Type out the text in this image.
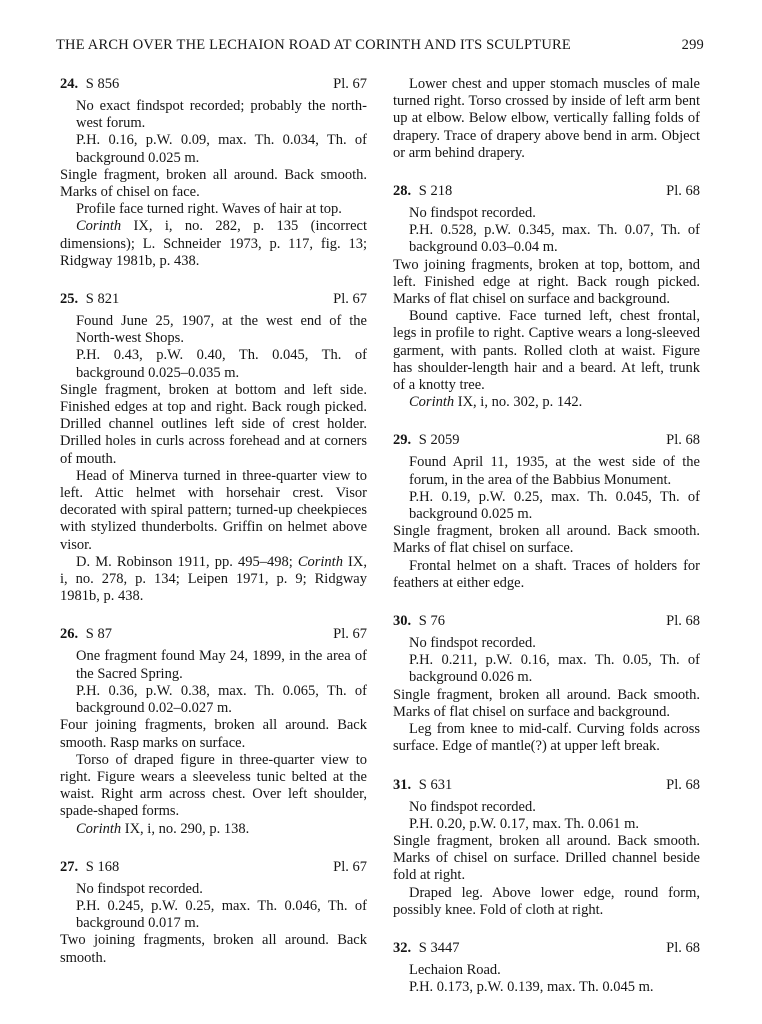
THE ARCH OVER THE LECHAION ROAD AT CORINTH AND ITS SCULPTURE	299
24. S 856	Pl. 67

No exact findspot recorded; probably the north-west forum.

P.H. 0.16, p.W. 0.09, max. Th. 0.034, Th. of background 0.025 m.

Single fragment, broken all around. Back smooth. Marks of chisel on face.

Profile face turned right. Waves of hair at top.

Corinth IX, i, no. 282, p. 135 (incorrect dimensions); L. Schneider 1973, p. 117, fig. 13; Ridgway 1981b, p. 438.

25. S 821	Pl. 67

Found June 25, 1907, at the west end of the North-west Shops.

P.H. 0.43, p.W. 0.40, Th. 0.045, Th. of background 0.025–0.035 m.

Single fragment, broken at bottom and left side. Finished edges at top and right. Back rough picked. Drilled channel outlines left side of crest holder. Drilled holes in curls across forehead and at corners of mouth.

Head of Minerva turned in three-quarter view to left. Attic helmet with horsehair crest. Visor decorated with spiral pattern; turned-up cheekpieces with stylized thunderbolts. Griffin on helmet above visor.

D. M. Robinson 1911, pp. 495–498; Corinth IX, i, no. 278, p. 134; Leipen 1971, p. 9; Ridgway 1981b, p. 438.

26. S 87	Pl. 67

One fragment found May 24, 1899, in the area of the Sacred Spring.

P.H. 0.36, p.W. 0.38, max. Th. 0.065, Th. of background 0.02–0.027 m.

Four joining fragments, broken all around. Back smooth. Rasp marks on surface.

Torso of draped figure in three-quarter view to right. Figure wears a sleeveless tunic belted at the waist. Right arm across chest. Over left shoulder, spade-shaped forms.

Corinth IX, i, no. 290, p. 138.

27. S 168	Pl. 67

No findspot recorded.

P.H. 0.245, p.W. 0.25, max. Th. 0.046, Th. of background 0.017 m.

Two joining fragments, broken all around. Back smooth.

Lower chest and upper stomach muscles of male turned right. Torso crossed by inside of left arm bent up at elbow. Below elbow, vertically falling folds of drapery. Trace of drapery above bend in arm. Object or arm behind drapery.

28. S 218	Pl. 68

No findspot recorded.

P.H. 0.528, p.W. 0.345, max. Th. 0.07, Th. of background 0.03–0.04 m.

Two joining fragments, broken at top, bottom, and left. Finished edge at right. Back rough picked. Marks of flat chisel on surface and background.

Bound captive. Face turned left, chest frontal, legs in profile to right. Captive wears a long-sleeved garment, with pants. Rolled cloth at waist. Figure has shoulder-length hair and a beard. At left, trunk of a knotty tree.

Corinth IX, i, no. 302, p. 142.

29. S 2059	Pl. 68

Found April 11, 1935, at the west side of the forum, in the area of the Babbius Monument.

P.H. 0.19, p.W. 0.25, max. Th. 0.045, Th. of background 0.025 m.

Single fragment, broken all around. Back smooth. Marks of flat chisel on surface.

Frontal helmet on a shaft. Traces of holders for feathers at either edge.

30. S 76	Pl. 68

No findspot recorded.

P.H. 0.211, p.W. 0.16, max. Th. 0.05, Th. of background 0.026 m.

Single fragment, broken all around. Back smooth. Marks of flat chisel on surface and background.

Leg from knee to mid-calf. Curving folds across surface. Edge of mantle(?) at upper left break.

31. S 631	Pl. 68

No findspot recorded.

P.H. 0.20, p.W. 0.17, max. Th. 0.061 m.

Single fragment, broken all around. Back smooth. Marks of chisel on surface. Drilled channel beside fold at right.

Draped leg. Above lower edge, round form, possibly knee. Fold of cloth at right.

32. S 3447	Pl. 68

Lechaion Road.

P.H. 0.173, p.W. 0.139, max. Th. 0.045 m.
